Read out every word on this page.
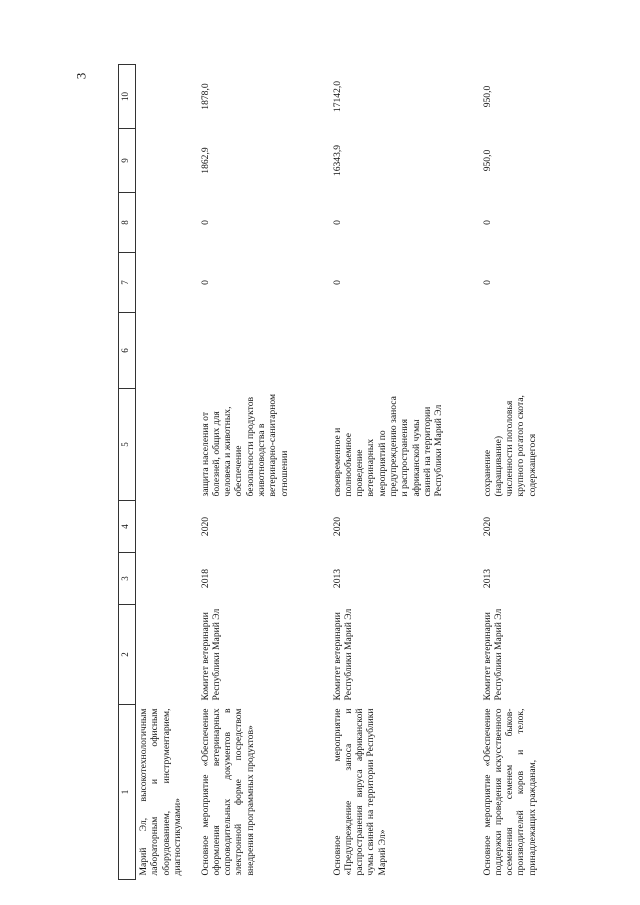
3
1	2	3	4	5	6	7	8	9	10
Марий Эл, высокотехнологичным лабораторным и офисным оборудованием, инструментарием, диагностикумами»									
Основное мероприятие «Обеспечение оформления ветеринарных сопроводительных документов в электронной форме посредством внедрения программных продуктов»	Комитет ветеринарии Республики Марий Эл	2018	2020	защита населения от болезней, общих для человека и животных, обеспечение безопасности продуктов животноводства в ветеринарно-санитарном отношении		0	0	1862,9	1878,0
Основное мероприятие «Предупреждение заноса и распространения вируса африканской чумы свиней на территории Республики Марий Эл»	Комитет ветеринарии Республики Марий Эл	2013	2020	своевременное и полнообъемное проведение ветеринарных мероприятий по предупреждению заноса и распространения африканской чумы свиней на территории Республики Марий Эл		0	0	16343,9	17142,0
Основное мероприятие «Обеспечение поддержки проведения искусственного осеменения семенем быков-производителей коров и телок, принадлежащих гражданам,	Комитет ветеринарии Республики Марий Эл	2013	2020	сохранение (наращивание) численности поголовья крупного рогатого скота, содержащегося		0	0	950,0	950,0
